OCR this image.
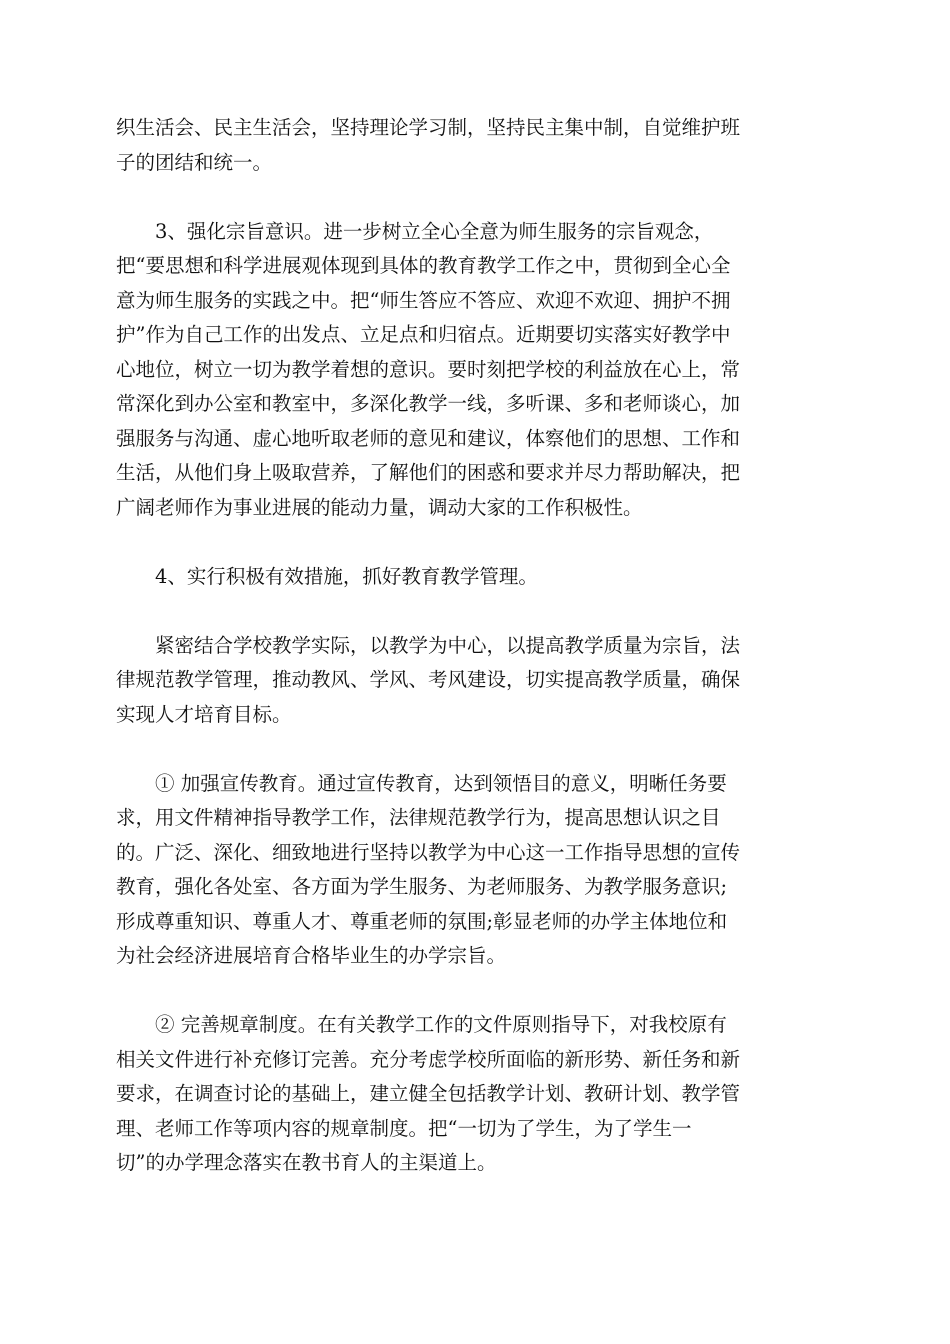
织生活会、民主生活会，坚持理论学习制，坚持民主集中制，自觉维护班
子的团结和统一。
3、强化宗旨意识。进一步树立全心全意为师生服务的宗旨观念，
把“要思想和科学进展观体现到具体的教育教学工作之中，贯彻到全心全
意为师生服务的实践之中。把“师生答应不答应、欢迎不欢迎、拥护不拥
护”作为自己工作的出发点、立足点和归宿点。近期要切实落实好教学中
心地位，树立一切为教学着想的意识。要时刻把学校的利益放在心上，常
常深化到办公室和教室中，多深化教学一线，多听课、多和老师谈心，加
强服务与沟通、虚心地听取老师的意见和建议，体察他们的思想、工作和
生活，从他们身上吸取营养，了解他们的困惑和要求并尽力帮助解决，把
广阔老师作为事业进展的能动力量，调动大家的工作积极性。
4、实行积极有效措施，抓好教育教学管理。
紧密结合学校教学实际，以教学为中心，以提高教学质量为宗旨，法
律规范教学管理，推动教风、学风、考风建设，切实提高教学质量，确保
实现人才培育目标。
① 加强宣传教育。通过宣传教育，达到领悟目的意义，明晰任务要
求，用文件精神指导教学工作，法律规范教学行为，提高思想认识之目
的。广泛、深化、细致地进行坚持以教学为中心这一工作指导思想的宣传
教育，强化各处室、各方面为学生服务、为老师服务、为教学服务意识;
形成尊重知识、尊重人才、尊重老师的氛围;彰显老师的办学主体地位和
为社会经济进展培育合格毕业生的办学宗旨。
② 完善规章制度。在有关教学工作的文件原则指导下，对我校原有
相关文件进行补充修订完善。充分考虑学校所面临的新形势、新任务和新
要求，在调查讨论的基础上，建立健全包括教学计划、教研计划、教学管
理、老师工作等项内容的规章制度。把“一切为了学生，为了学生一
切”的办学理念落实在教书育人的主渠道上。
